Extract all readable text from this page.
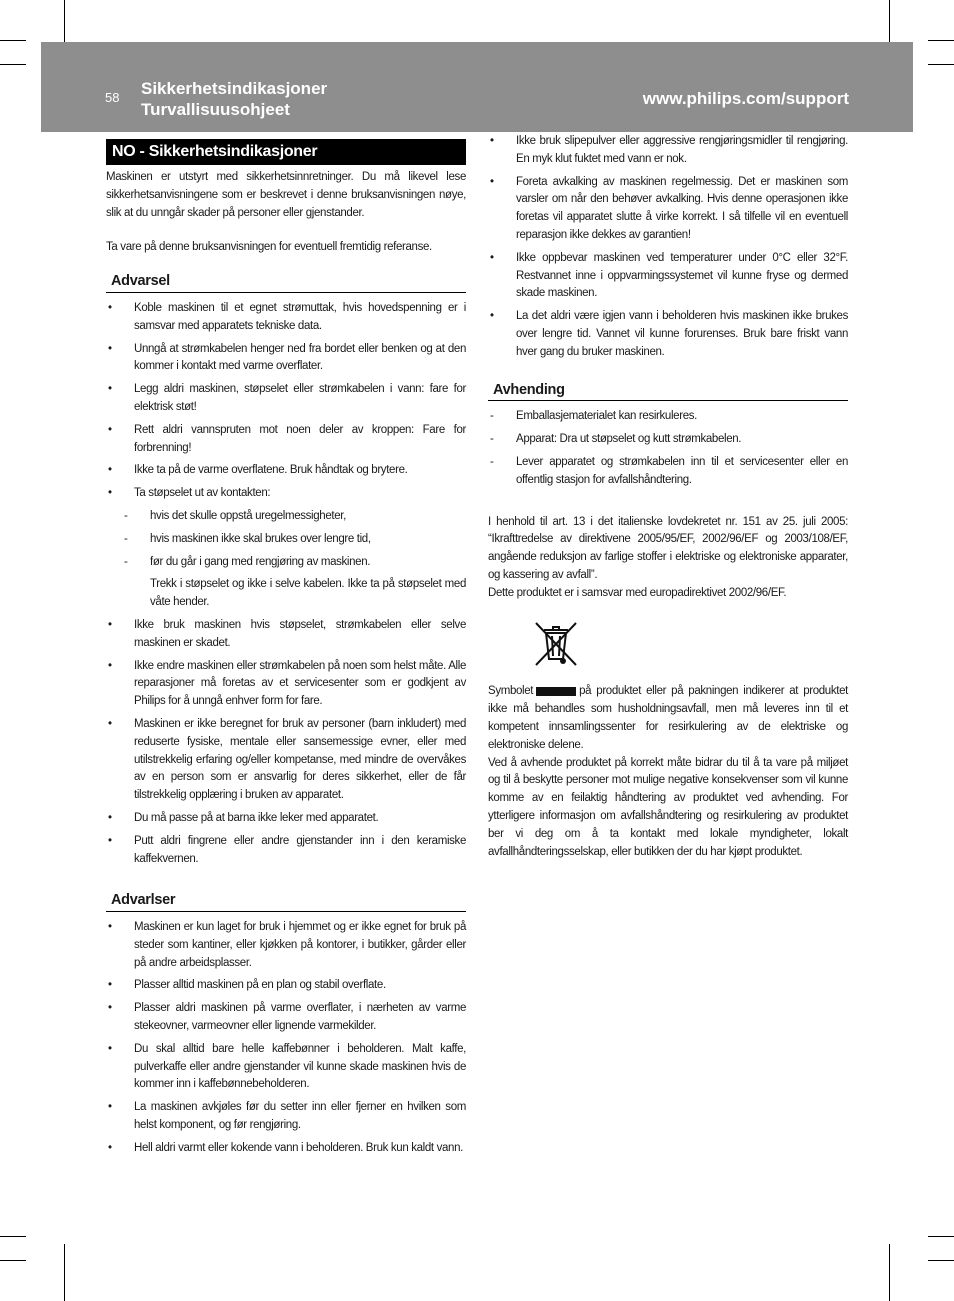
58 Sikkerhetsindikasjoner
Turvallisuusohjeet
www.philips.com/support
NO - Sikkerhetsindikasjoner

Maskinen er utstyrt med sikkerhetsinnretninger. Du må likevel lese sikkerhetsanvisningene som er beskrevet i denne bruksanvisningen nøye, slik at du unngår skader på personer eller gjenstander.

Ta vare på denne bruksanvisningen for eventuell fremtidig referanse.

Advarsel
• Koble maskinen til et egnet strømuttak, hvis hovedspenning er i samsvar med apparatets tekniske data.
• Unngå at strømkabelen henger ned fra bordet eller benken og at den kommer i kontakt med varme overflater.
• Legg aldri maskinen, støpselet eller strømkabelen i vann: fare for elektrisk støt!
• Rett aldri vannspruten mot noen deler av kroppen: Fare for forbrenning!
• Ikke ta på de varme overflatene. Bruk håndtak og brytere.
• Ta støpselet ut av kontakten:
- hvis det skulle oppstå uregelmessigheter,
- hvis maskinen ikke skal brukes over lengre tid,
- før du går i gang med rengjøring av maskinen.
Trekk i støpselet og ikke i selve kabelen. Ikke ta på støpselet med våte hender.
• Ikke bruk maskinen hvis støpselet, strømkabelen eller selve maskinen er skadet.
• Ikke endre maskinen eller strømkabelen på noen som helst måte. Alle reparasjoner må foretas av et servicesenter som er godkjent av Philips for å unngå enhver form for fare.
• Maskinen er ikke beregnet for bruk av personer (barn inkludert) med reduserte fysiske, mentale eller sansemessige evner, eller med utilstrekkelig erfaring og/eller kompetanse, med mindre de overvåkes av en person som er ansvarlig for deres sikkerhet, eller de får tilstrekkelig opplæring i bruken av apparatet.
• Du må passe på at barna ikke leker med apparatet.
• Putt aldri fingrene eller andre gjenstander inn i den keramiske kaffekvernen.
Advarlser
• Maskinen er kun laget for bruk i hjemmet og er ikke egnet for bruk på steder som kantiner, eller kjøkken på kontorer, i butikker, gårder eller på andre arbeidsplasser.
• Plasser alltid maskinen på en plan og stabil overflate.
• Plasser aldri maskinen på varme overflater, i nærheten av varme stekeovner, varmeovner eller lignende varmekilder.
• Du skal alltid bare helle kaffebønner i beholderen. Malt kaffe, pulverkaffe eller andre gjenstander vil kunne skade maskinen hvis de kommer inn i kaffebønnebeholderen.
• La maskinen avkjøles før du setter inn eller fjerner en hvilken som helst komponent, og før rengjøring.
• Hell aldri varmt eller kokende vann i beholderen. Bruk kun kaldt vann.
• Ikke bruk slipepulver eller aggressive rengjøringsmidler til rengjøring. En myk klut fuktet med vann er nok.
• Foreta avkalking av maskinen regelmessig. Det er maskinen som varsler om når den behøver avkalking. Hvis denne operasjonen ikke foretas vil apparatet slutte å virke korrekt. I så tilfelle vil en eventuell reparasjon ikke dekkes av garantien!
• Ikke oppbevar maskinen ved temperaturer under 0°C eller 32°F. Restvannet inne i oppvarmingssystemet vil kunne fryse og dermed skade maskinen.
• La det aldri være igjen vann i beholderen hvis maskinen ikke brukes over lengre tid. Vannet vil kunne forurenses. Bruk bare friskt vann hver gang du bruker maskinen.
Avhending
- Emballasjematerialet kan resirkuleres.
- Apparat: Dra ut støpselet og kutt strømkabelen.
- Lever apparatet og strømkabelen inn til et servicesenter eller en offentlig stasjon for avfallshåndtering.

I henhold til art. 13 i det italienske lovdekretet nr. 151 av 25. juli 2005: “Ikrafttredelse av direktivene 2005/95/EF, 2002/96/EF og 2003/108/EF, angående reduksjon av farlige stoffer i elektriske og elektroniske apparater, og kassering av avfall”.

Dette produktet er i samsvar med europadirektivet 2002/96/EF.

Symbolet	på produktet eller på pakningen indikerer at produktet ikke må behandles som husholdningsavfall, men må leveres inn til et kompetent innsamlingssenter for resirkulering av de elektriske og elektroniske delene.

Ved å avhende produktet på korrekt måte bidrar du til å ta vare på miljøet og til å beskytte personer mot mulige negative konsekvenser som vil kunne komme av en feilaktig håndtering av produktet ved avhending. For ytterligere informasjon om avfallshåndtering og resirkulering av produktet ber vi deg om å ta kontakt med lokale myndigheter, lokalt avfallhåndteringsselskap, eller butikken der du har kjøpt produktet.
